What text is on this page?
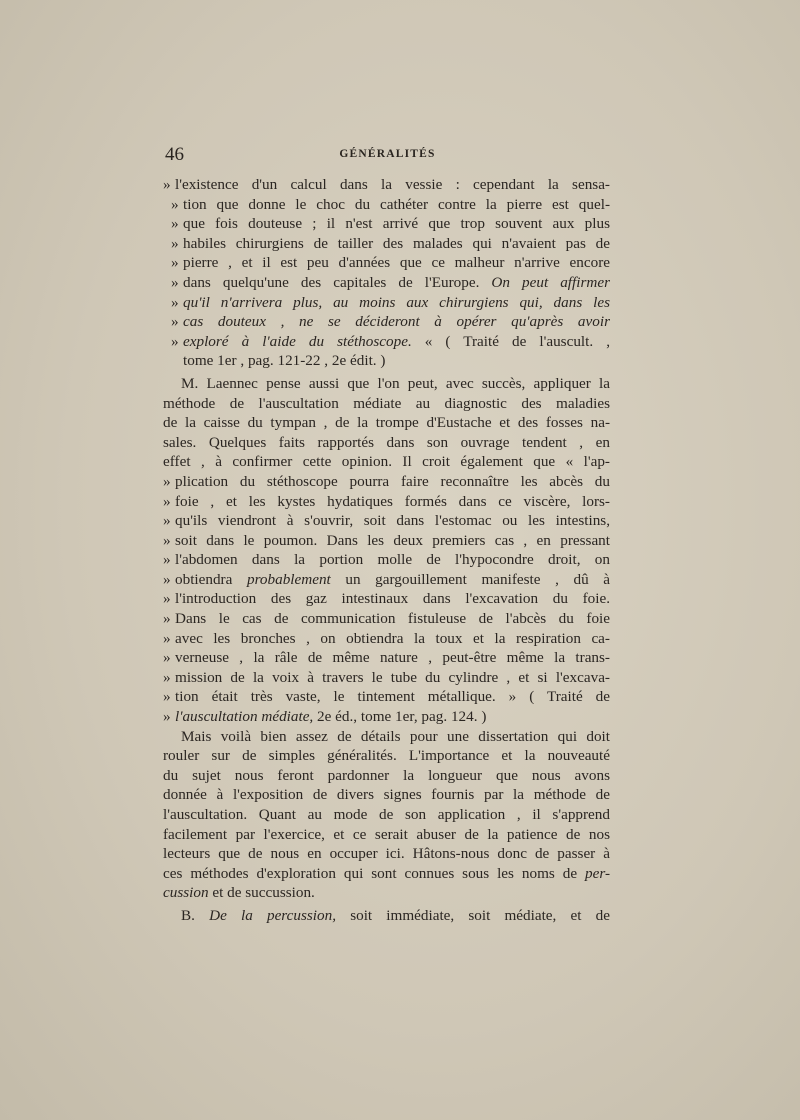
46	GÉNÉRALITÉS
» l'existence d'un calcul dans la vessie : cependant la sensa-
» tion que donne le choc du cathéter contre la pierre est quel-
» que fois douteuse ; il n'est arrivé que trop souvent aux plus
» habiles chirurgiens de tailler des malades qui n'avaient pas de
» pierre , et il est peu d'années que ce malheur n'arrive encore
» dans quelqu'une des capitales de l'Europe. On peut affirmer
» qu'il n'arrivera plus, au moins aux chirurgiens qui, dans les
» cas douteux , ne se décideront à opérer qu'après avoir
» exploré à l'aide du stéthoscope. « ( Traité de l'auscult. ,
tome 1er , pag. 121-22 , 2e édit. )
M. Laennec pense aussi que l'on peut, avec succès, appliquer la
méthode de l'auscultation médiate au diagnostic des maladies
de la caisse du tympan , de la trompe d'Eustache et des fosses na-
sales. Quelques faits rapportés dans son ouvrage tendent , en
effet , à confirmer cette opinion. Il croit également que « l'ap-
» plication du stéthoscope pourra faire reconnaître les abcès du
» foie , et les kystes hydatiques formés dans ce viscère, lors-
» qu'ils viendront à s'ouvrir, soit dans l'estomac ou les intestins,
» soit dans le poumon. Dans les deux premiers cas , en pressant
» l'abdomen dans la portion molle de l'hypocondre droit, on
» obtiendra probablement un gargouillement manifeste , dû à
» l'introduction des gaz intestinaux dans l'excavation du foie.
» Dans le cas de communication fistuleuse de l'abcès du foie
» avec les bronches , on obtiendra la toux et la respiration ca-
» verneuse , la râle de même nature , peut-être même la trans-
» mission de la voix à travers le tube du cylindre , et si l'excava-
» tion était très vaste, le tintement métallique. » ( Traité de
» l'auscultation médiate, 2e éd., tome 1er, pag. 124. )
Mais voilà bien assez de détails pour une dissertation qui doit
rouler sur de simples généralités. L'importance et la nouveauté
du sujet nous feront pardonner la longueur que nous avons
donnée à l'exposition de divers signes fournis par la méthode de
l'auscultation. Quant au mode de son application , il s'apprend
facilement par l'exercice, et ce serait abuser de la patience de nos
lecteurs que de nous en occuper ici. Hâtons-nous donc de passer à
ces méthodes d'exploration qui sont connues sous les noms de per-
cussion et de succussion.
B. De la percussion, soit immédiate, soit médiate, et de
